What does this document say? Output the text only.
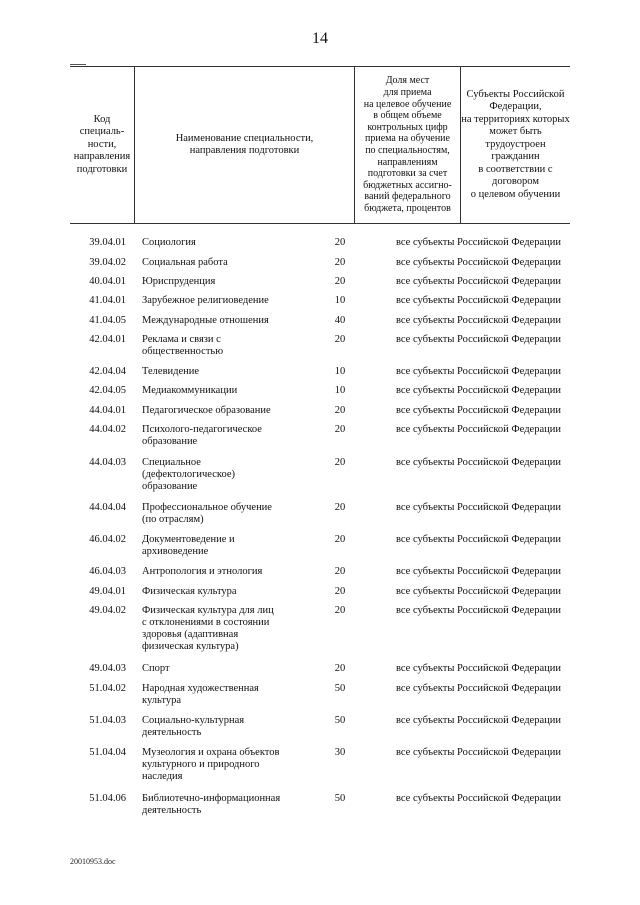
14
Код
специаль-
ности,
направления
подготовки
Наименование специальности,
направления подготовки
Доля мест
для приема
на целевое обучение
в общем объеме
контрольных цифр
приема на обучение
по специальностям,
направлениям
подготовки за счет
бюджетных ассигно-
ваний федерального
бюджета, процентов
Субъекты Российской Федерации,
на территориях которых может быть
трудоустроен гражданин
в соответствии с договором
о целевом обучении
39.04.01 Социология	20	все субъекты Российской Федерации
39.04.02 Социальная работа	20	все субъекты Российской Федерации
40.04.01 Юриспруденция	20	все субъекты Российской Федерации
41.04.01 Зарубежное религиоведение	10	все субъекты Российской Федерации
41.04.05 Международные отношения	40	все субъекты Российской Федерации
42.04.01 Реклама и связи с
общественностью
20	все субъекты Российской Федерации
42.04.04 Телевидение	10	все субъекты Российской Федерации
42.04.05 Медиакоммуникации	10	все субъекты Российской Федерации
44.04.01 Педагогическое образование	20	все субъекты Российской Федерации
44.04.02 Психолого-педагогическое
образование
20	все субъекты Российской Федерации
44.04.03 Специальное
(дефектологическое)
образование
20	все субъекты Российской Федерации
44.04.04 Профессиональное обучение
(по отраслям)
20	все субъекты Российской Федерации
46.04.02 Документоведение и
архивоведение
20	все субъекты Российской Федерации
46.04.03 Антропология и этнология	20	все субъекты Российской Федерации
49.04.01 Физическая культура	20	все субъекты Российской Федерации
49.04.02 Физическая культура для лиц
с отклонениями в состоянии
здоровья (адаптивная
физическая культура)
20	все субъекты Российской Федерации
49.04.03 Спорт	20	все субъекты Российской Федерации
51.04.02 Народная художественная
культура
50	все субъекты Российской Федерации
51.04.03 Социально-культурная
деятельность
50	все субъекты Российской Федерации
51.04.04 Музеология и охрана объектов
культурного и природного
наследия
30	все субъекты Российской Федерации
51.04.06 Библиотечно-информационная
деятельность
50	все субъекты Российской Федерации
20010953.doc
